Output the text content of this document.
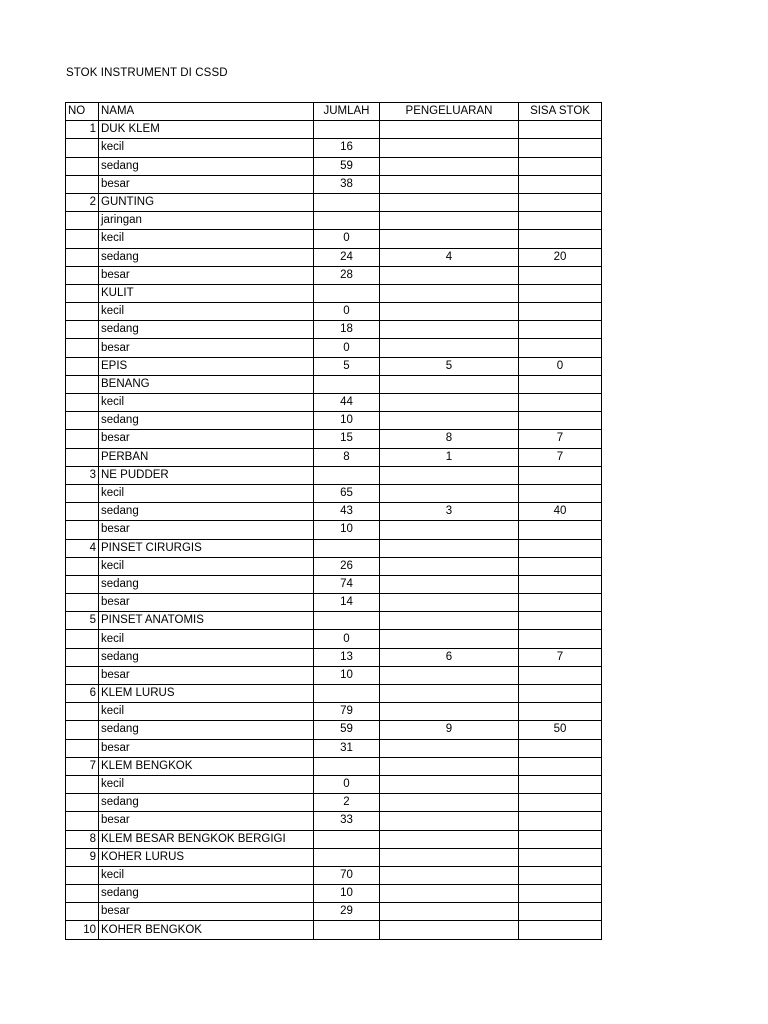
STOK INSTRUMENT DI CSSD
NO	NAMA	JUMLAH	PENGELUARAN	SISA STOK
1	DUK KLEM			
	kecil	16		
	sedang	59		
	besar	38		
2	GUNTING			
	jaringan			
	kecil	0		
	sedang	24	4	20
	besar	28		
	KULIT			
	kecil	0		
	sedang	18		
	besar	0		
	EPIS	5	5	0
	BENANG			
	kecil	44		
	sedang	10		
	besar	15	8	7
	PERBAN	8	1	7
3	NE PUDDER			
	kecil	65		
	sedang	43	3	40
	besar	10		
4	PINSET CIRURGIS			
	kecil	26		
	sedang	74		
	besar	14		
5	PINSET ANATOMIS			
	kecil	0		
	sedang	13	6	7
	besar	10		
6	KLEM LURUS			
	kecil	79		
	sedang	59	9	50
	besar	31		
7	KLEM BENGKOK			
	kecil	0		
	sedang	2		
	besar	33		
8	KLEM BESAR BENGKOK BERGIGI			
9	KOHER LURUS			
	kecil	70		
	sedang	10		
	besar	29		
10	KOHER BENGKOK			
